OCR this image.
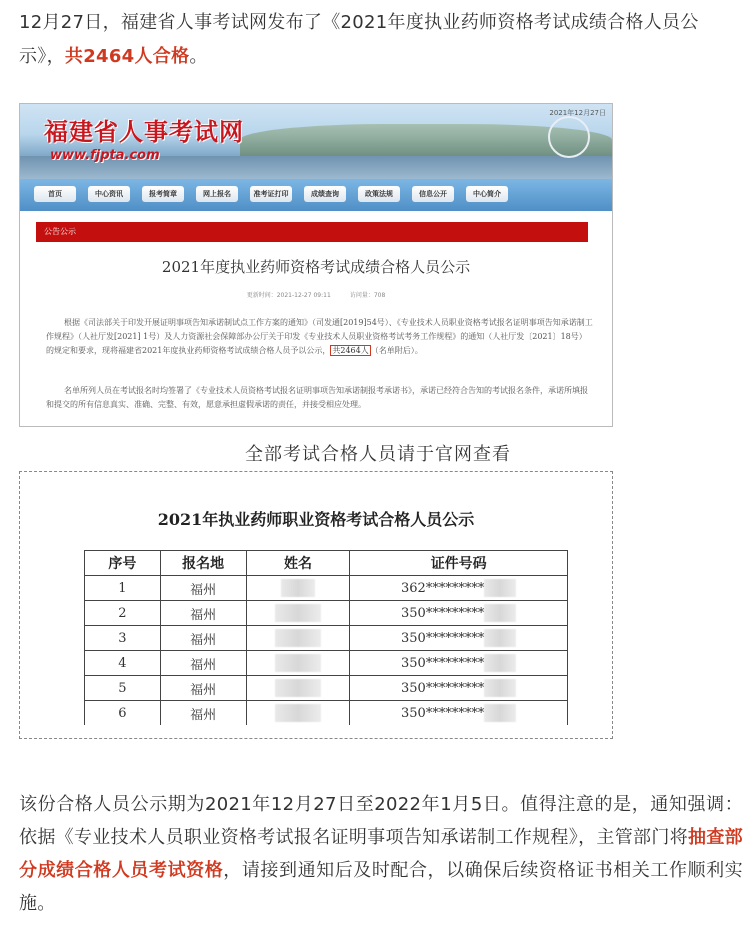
12月27日，福建省人事考试网发布了《2021年度执业药师资格考试成绩合格人员公示》，共2464人合格。
福建省人事考试网
www.fjpta.com
2021年12月27日
首页	中心资讯	报考简章	网上报名	准考证打印	成绩查询	政策法规	信息公开	中心简介
公告公示
2021年度执业药师资格考试成绩合格人员公示
更新时间：2021-12-27 09:11	访问量：708
根据《司法部关于印发开展证明事项告知承诺制试点工作方案的通知》（司发通[2019]54号）、《专业技术人员职业资格考试报名证明事项告知承诺制工作规程》（人社厅发[2021] 1号）及人力资源社会保障部办公厅关于印发《专业技术人员职业资格考试考务工作规程》的通知（人社厅发〔2021〕18号）的规定和要求，现将福建省2021年度执业药师资格考试成绩合格人员予以公示， 共2464人 （名单附后）。
名单所列人员在考试报名时均签署了《专业技术人员资格考试报名证明事项告知承诺制报考承诺书》，承诺已经符合告知的考试报名条件，承诺所填报和提交的所有信息真实、准确、完整、有效，愿意承担虚假承诺的责任，并接受相应处理。
全部考试合格人员请于官网查看
2021年执业药师职业资格考试合格人员公示
序号	报名地	姓名	证件号码
1	福州		362*********
2	福州		350*********
3	福州		350*********
4	福州		350*********
5	福州		350*********
6	福州		350*********
该份合格人员公示期为2021年12月27日至2022年1月5日。值得注意的是，通知强调：依据《专业技术人员职业资格考试报名证明事项告知承诺制工作规程》，主管部门将抽查部分成绩合格人员考试资格，请接到通知后及时配合，以确保后续资格证书相关工作顺利实施。
